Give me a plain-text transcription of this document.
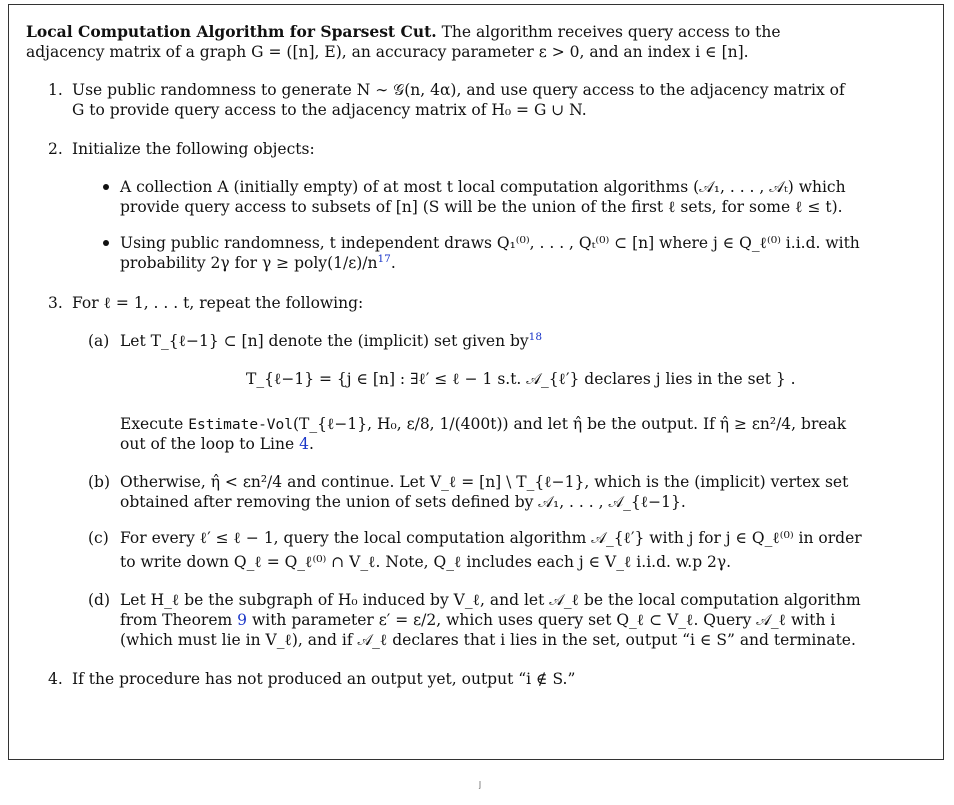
Local Computation Algorithm for Sparsest Cut. The algorithm receives query access to the
adjacency matrix of a graph G = ([n], E), an accuracy parameter ε > 0, and an index i ∈ [n].
1. Use public randomness to generate N ∼ 𝒢(n, 4α), and use query access to the adjacency matrix of
G to provide query access to the adjacency matrix of H₀ = G ∪ N.
2. Initialize the following objects:
A collection A (initially empty) of at most t local computation algorithms (𝒜₁, . . . , 𝒜ₜ) which
provide query access to subsets of [n] (S will be the union of the first ℓ sets, for some ℓ ≤ t).
Using public randomness, t independent draws Q₁⁽⁰⁾, . . . , Qₜ⁽⁰⁾ ⊂ [n] where j ∈ Q_ℓ⁽⁰⁾ i.i.d. with
probability 2γ for γ ≥ poly(1/ε)/n$^{17}$.
3. For ℓ = 1, . . . t, repeat the following:
(a) Let T_{ℓ−1} ⊂ [n] denote the (implicit) set given by$^{18}$
T_{ℓ−1} = {j ∈ [n] : ∃ℓ′ ≤ ℓ − 1 s.t. 𝒜_{ℓ′} declares j lies in the set } .
Execute Estimate-Vol(T_{ℓ−1}, H₀, ε/8, 1/(400t)) and let η̂ be the output. If η̂ ≥ εn²/4, break
out of the loop to Line 4.
(b) Otherwise, η̂ < εn²/4 and continue. Let V_ℓ = [n] \ T_{ℓ−1}, which is the (implicit) vertex set
obtained after removing the union of sets defined by 𝒜₁, . . . , 𝒜_{ℓ−1}.
(c) For every ℓ′ ≤ ℓ − 1, query the local computation algorithm 𝒜_{ℓ′} with j for j ∈ Q_ℓ⁽⁰⁾ in order
to write down Q_ℓ = Q_ℓ⁽⁰⁾ ∩ V_ℓ. Note, Q_ℓ includes each j ∈ V_ℓ i.i.d. w.p 2γ.
(d) Let H_ℓ be the subgraph of H₀ induced by V_ℓ, and let 𝒜_ℓ be the local computation algorithm
from Theorem 9 with parameter ε′ = ε/2, which uses query set Q_ℓ ⊂ V_ℓ. Query 𝒜_ℓ with i
(which must lie in V_ℓ), and if 𝒜_ℓ declares that i lies in the set, output “i ∈ S” and terminate.
4. If the procedure has not produced an output yet, output “i ∉ S.”
